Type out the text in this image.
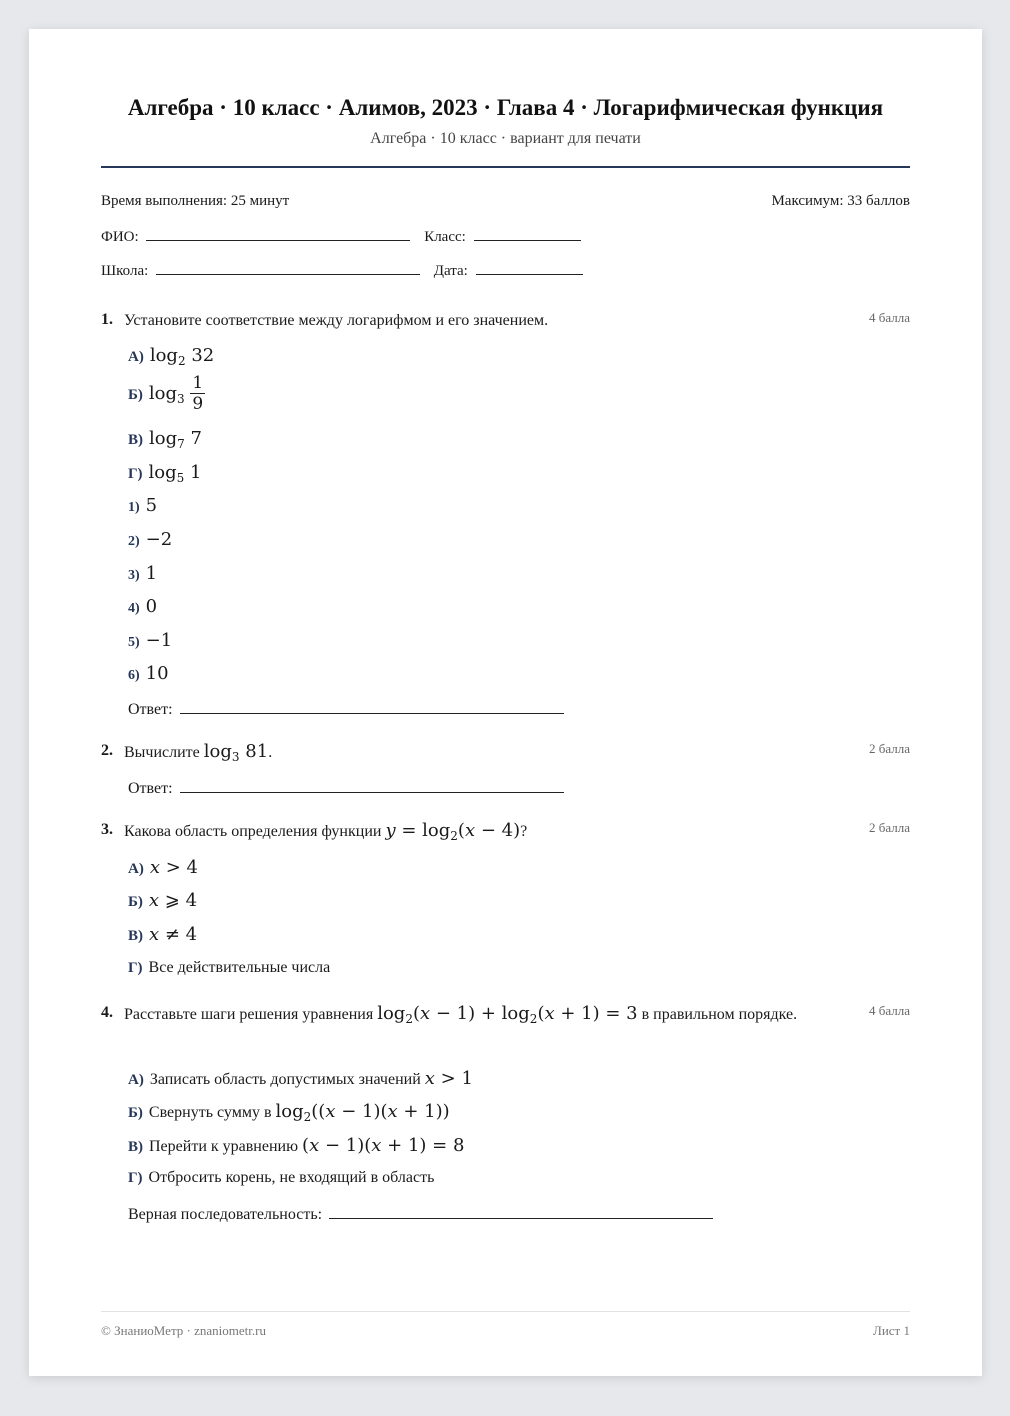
Алгебра · 10 класс · Алимов, 2023 · Глава 4 · Логарифмическая функция
Алгебра · 10 класс · вариант для печати
Время выполнения: 25 минут	Максимум: 33 баллов
ФИО:	Класс:
Школа:	Дата:
1. Установите соответствие между логарифмом и его значением.	4 балла
А) $\log_2 32$
Б) $\log_3 \frac{1}{9}$
В) $\log_7 7$
Г) $\log_5 1$
1) 5
2) −2
3) 1
4) 0
5) −1
6) 10
Ответ:
2. Вычислите $\log_3 81$.	2 балла
Ответ:
3. Какова область определения функции $y = \log_2(x - 4)$?	2 балла
А) x > 4
Б) x ⩾ 4
В) x ≠ 4
Г) Все действительные числа
4. Расставьте шаги решения уравнения $\log_2(x - 1) + \log_2(x + 1) = 3$ в правильном порядке.	4 балла
А) Записать область допустимых значений x > 1
Б) Свернуть сумму в $\log_2((x - 1)(x + 1))$
В) Перейти к уравнению (x − 1)(x + 1) = 8
Г) Отбросить корень, не входящий в область
Верная последовательность:
© ЗнаниоМетр · znaniometr.ru	Лист 1
